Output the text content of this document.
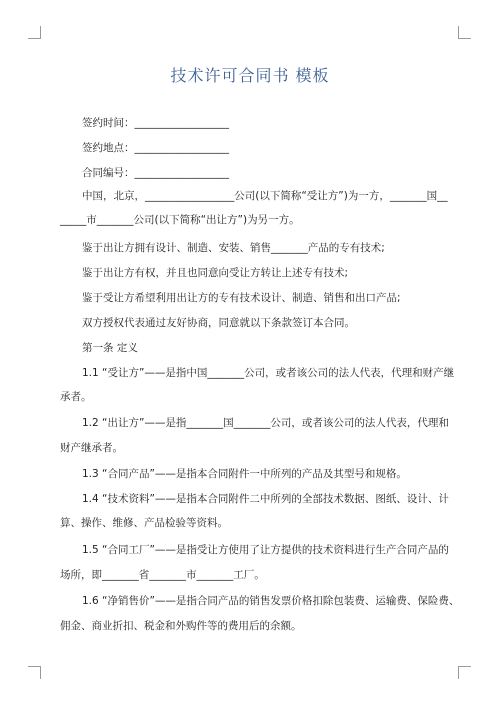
技术许可合同书 模板
签约时间：__________________
签约地点：__________________
合同编号：__________________
中国，北京，_________________公司(以下简称“受让方”)为一方，_______国__
_____市_______公司(以下简称“出让方”)为另一方。
鉴于出让方拥有设计、制造、安装、销售_______产品的专有技术;
鉴于出让方有权，并且也同意向受让方转让上述专有技术;
鉴于受让方希望利用出让方的专有技术设计、制造、销售和出口产品;
双方授权代表通过友好协商，同意就以下条款签订本合同。
第一条 定义
1.1 “受让方”——是指中国_______公司，或者该公司的法人代表，代理和财产继
承者。
1.2 “出让方”——是指_______国_______公司，或者该公司的法人代表，代理和
财产继承者。
1.3 “合同产品”——是指本合同附件一中所列的产品及其型号和规格。
1.4 “技术资料”——是指本合同附件二中所列的全部技术数据、图纸、设计、计
算、操作、维修、产品检验等资料。
1.5 “合同工厂”——是指受让方使用了让方提供的技术资料进行生产合同产品的
场所，即_______省_______市_______工厂。
1.6 “净销售价”——是指合同产品的销售发票价格扣除包装费、运输费、保险费、
佣金、商业折扣、税金和外购件等的费用后的余额。
